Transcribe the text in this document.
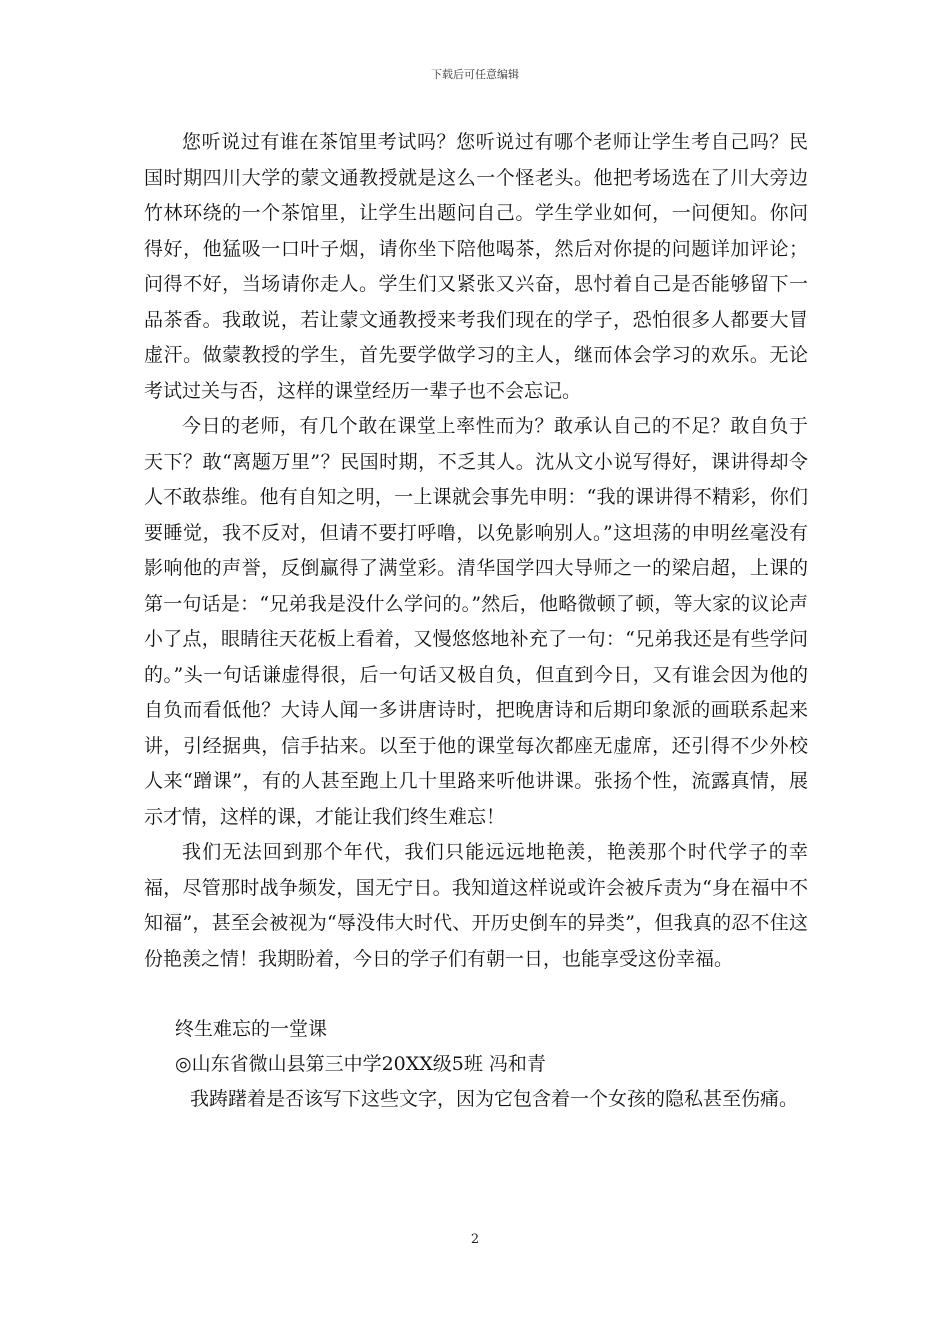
下载后可任意编辑

您听说过有谁在茶馆里考试吗？您听说过有哪个老师让学生考自己吗？民国时期四川大学的蒙文通教授就是这么一个怪老头。他把考场选在了川大旁边竹林环绕的一个茶馆里，让学生出题问自己。学生学业如何，一问便知。你问得好，他猛吸一口叶子烟，请你坐下陪他喝茶，然后对你提的问题详加评论；问得不好，当场请你走人。学生们又紧张又兴奋，思忖着自己是否能够留下一品茶香。我敢说，若让蒙文通教授来考我们现在的学子，恐怕很多人都要大冒虚汗。做蒙教授的学生，首先要学做学习的主人，继而体会学习的欢乐。无论考试过关与否，这样的课堂经历一辈子也不会忘记。

今日的老师，有几个敢在课堂上率性而为？敢承认自己的不足？敢自负于天下？敢“离题万里”？民国时期，不乏其人。沈从文小说写得好，课讲得却令人不敢恭维。他有自知之明，一上课就会事先申明：“我的课讲得不精彩，你们要睡觉，我不反对，但请不要打呼噜，以免影响别人。”这坦荡的申明丝毫没有影响他的声誉，反倒赢得了满堂彩。清华国学四大导师之一的梁启超，上课的第一句话是：“兄弟我是没什么学问的。”然后，他略微顿了顿，等大家的议论声小了点，眼睛往天花板上看着，又慢悠悠地补充了一句：“兄弟我还是有些学问的。”头一句话谦虚得很，后一句话又极自负，但直到今日，又有谁会因为他的自负而看低他？大诗人闻一多讲唐诗时，把晚唐诗和后期印象派的画联系起来讲，引经据典，信手拈来。以至于他的课堂每次都座无虚席，还引得不少外校人来“蹭课”，有的人甚至跑上几十里路来听他讲课。张扬个性，流露真情，展示才情，这样的课，才能让我们终生难忘！

我们无法回到那个年代，我们只能远远地艳羡，艳羡那个时代学子的幸福，尽管那时战争频发，国无宁日。我知道这样说或许会被斥责为“身在福中不知福”，甚至会被视为“辱没伟大时代、开历史倒车的异类”，但我真的忍不住这份艳羡之情！我期盼着，今日的学子们有朝一日，也能享受这份幸福。

终生难忘的一堂课

◎山东省微山县第三中学20XX级5班 冯和青

我踌躇着是否该写下这些文字，因为它包含着一个女孩的隐私甚至伤痛。

2
